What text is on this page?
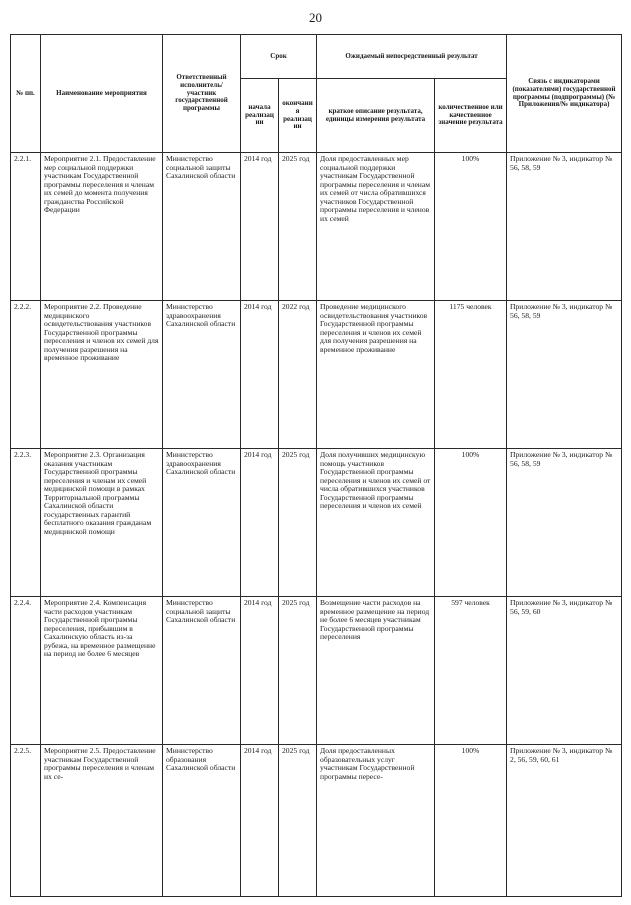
20
№ пп.	Наименование мероприятия	Ответственный исполнитель/участник государственной программы	Срок		Ожидаемый непосредственный результат		Связь с индикаторами (показателями) государственной программы (подпрограммы) (№ Приложения/№ индикатора)
			начала реализации	окончания реализации	краткое описание результата, единицы измерения результата	количественное или качественное значение результата	
2.2.1.	Мероприятие 2.1. Предоставление мер социальной поддержки участникам Государственной программы переселения и членам их семей до момента получения гражданства Российской Федерации	Министерство социальной защиты Сахалинской области	2014 год	2025 год	Доля предоставленных мер социальной поддержки участникам Государственной программы переселения и членам их семей от числа обратившихся участников Государственной программы переселения и членов их семей	100%	Приложение № 3, индикатор № 56, 58, 59
2.2.2.	Мероприятие 2.2. Проведение медицинского освидетельствования участников Государственной программы переселения и членов их семей для получения разрешения на временное проживание	Министерство здравоохранения Сахалинской области	2014 год	2022 год	Проведение медицинского освидетельствования участников Государственной программы переселения и членов их семей для получения разрешения на временное проживание	1175 человек	Приложение № 3, индикатор № 56, 58, 59
2.2.3.	Мероприятие 2.3. Организация оказания участникам Государственной программы переселения и членам их семей медицинской помощи в рамках Территориальной программы Сахалинской области государственных гарантий бесплатного оказания гражданам медицинской помощи	Министерство здравоохранения Сахалинской области	2014 год	2025 год	Доля получивших медицинскую помощь участников Государственной программы переселения и членов их семей от числа обратившихся участников Государственной программы переселения и членов их семей	100%	Приложение № 3, индикатор № 56, 58, 59
2.2.4.	Мероприятие 2.4. Компенсация части расходов участникам Государственной программы переселения, прибывшим в Сахалинскую область из-за рубежа, на временное размещение на период не более 6 месяцев	Министерство социальной защиты Сахалинской области	2014 год	2025 год	Возмещение части расходов на временное размещение на период не более 6 месяцев участникам Государственной программы переселения	597 человек	Приложение № 3, индикатор № 56, 59, 60
2.2.5.	Мероприятие 2.5. Предоставление участникам Государственной программы переселения и членам их се-	Министерство образования Сахалинской области	2014 год	2025 год	Доля предоставленных образовательных услуг участникам Государственной программы пересе-	100%	Приложение № 3, индикатор № 2, 56, 59, 60, 61
